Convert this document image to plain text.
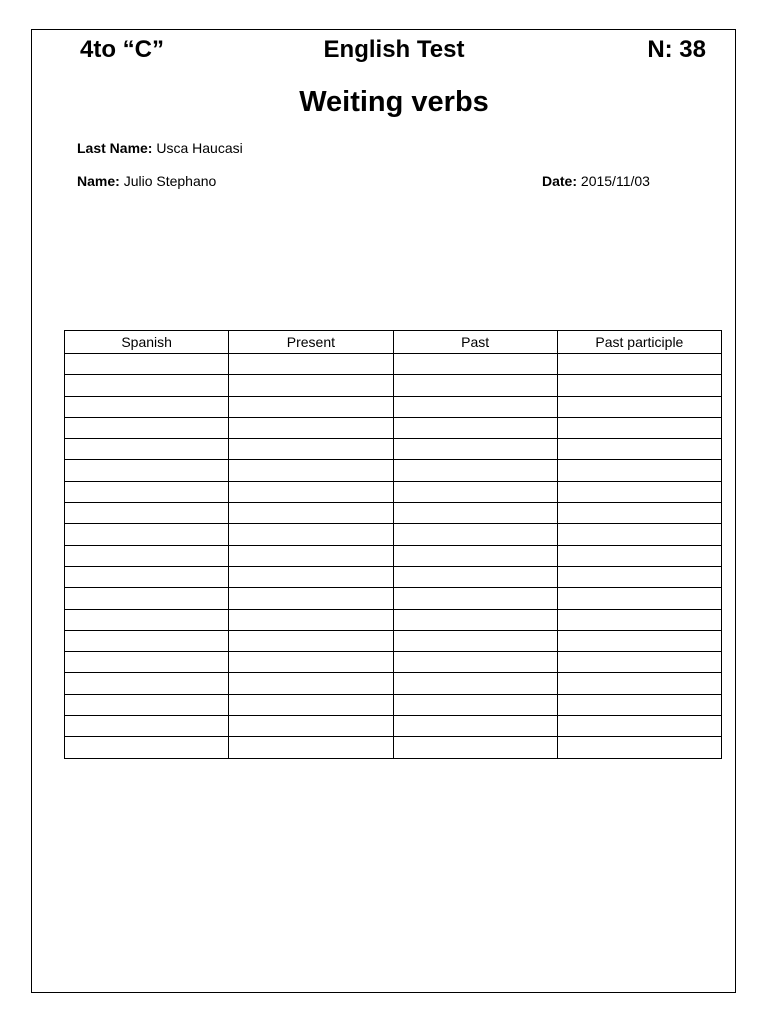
4to “C”	English Test	N: 38
Weiting verbs
Last Name: Usca Haucasi
Name: Julio Stephano	Date: 2015/11/03
Spanish	Present	Past	Past participle
